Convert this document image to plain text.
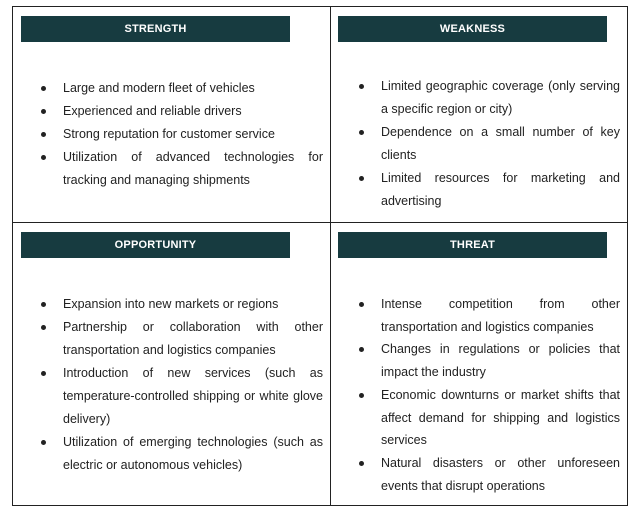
STRENGTH
Large and modern fleet of vehicles
Experienced and reliable drivers
Strong reputation for customer service
Utilization of advanced technologies for tracking and managing shipments
WEAKNESS
Limited geographic coverage (only serving a specific region or city)
Dependence on a small number of key clients
Limited resources for marketing and advertising
OPPORTUNITY
Expansion into new markets or regions
Partnership or collaboration with other transportation and logistics companies
Introduction of new services (such as temperature-controlled shipping or white glove delivery)
Utilization of emerging technologies (such as electric or autonomous vehicles)
THREAT
Intense competition from other transportation and logistics companies
Changes in regulations or policies that impact the industry
Economic downturns or market shifts that affect demand for shipping and logistics services
Natural disasters or other unforeseen events that disrupt operations
